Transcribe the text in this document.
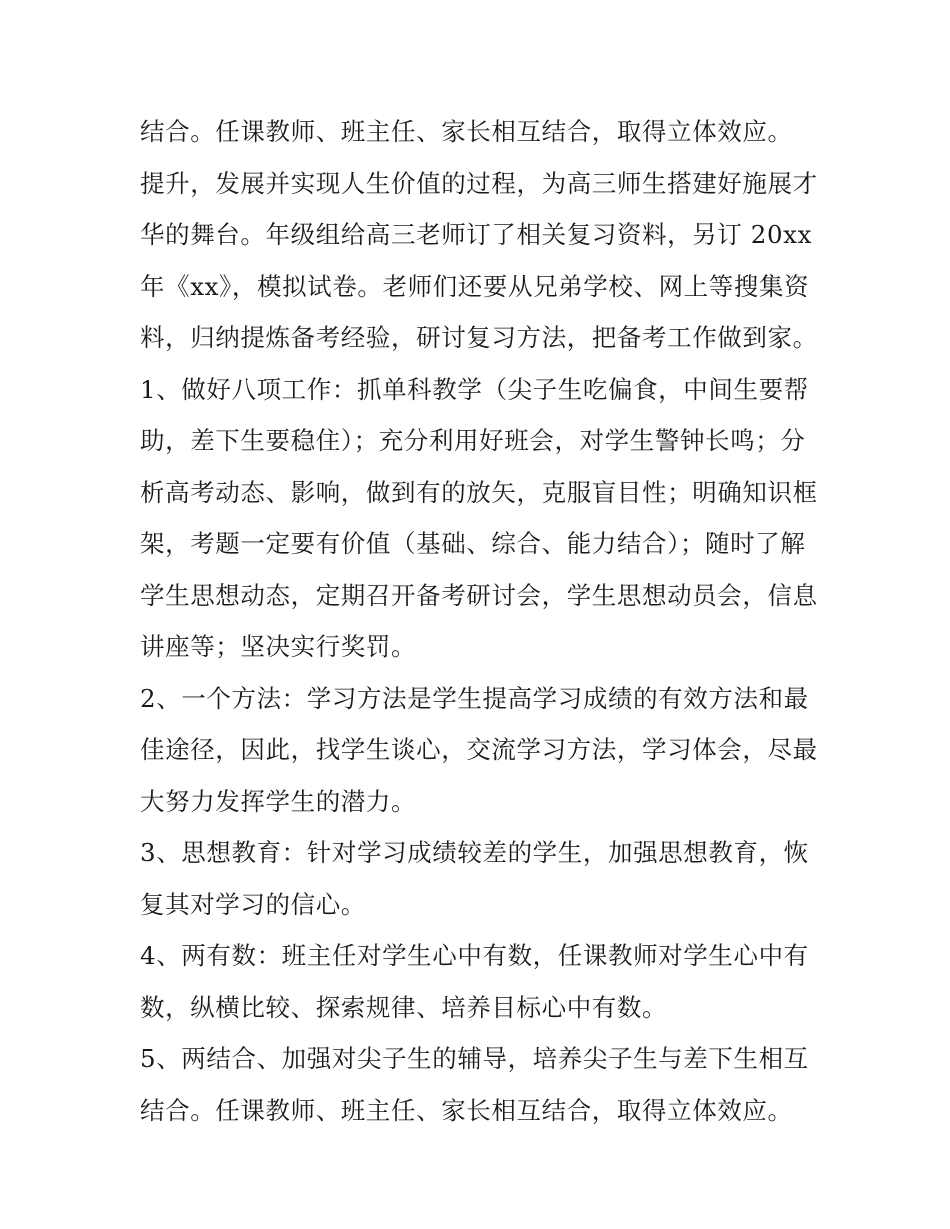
结合。任课教师、班主任、家长相互结合，取得立体效应。

提升，发展并实现人生价值的过程，为高三师生搭建好施展才
华的舞台。年级组给高三老师订了相关复习资料，另订 20xx
年《xx》，模拟试卷。老师们还要从兄弟学校、网上等搜集资
料，归纳提炼备考经验，研讨复习方法，把备考工作做到家。

1、做好八项工作：抓单科教学（尖子生吃偏食，中间生要帮
助，差下生要稳住）；充分利用好班会，对学生警钟长鸣；分
析高考动态、影响，做到有的放矢，克服盲目性；明确知识框
架，考题一定要有价值（基础、综合、能力结合）；随时了解
学生思想动态，定期召开备考研讨会，学生思想动员会，信息
讲座等；坚决实行奖罚。

2、一个方法：学习方法是学生提高学习成绩的有效方法和最
佳途径，因此，找学生谈心，交流学习方法，学习体会，尽最
大努力发挥学生的潜力。

3、思想教育：针对学习成绩较差的学生，加强思想教育，恢
复其对学习的信心。

4、两有数：班主任对学生心中有数，任课教师对学生心中有
数，纵横比较、探索规律、培养目标心中有数。

5、两结合、加强对尖子生的辅导，培养尖子生与差下生相互
结合。任课教师、班主任、家长相互结合，取得立体效应。
